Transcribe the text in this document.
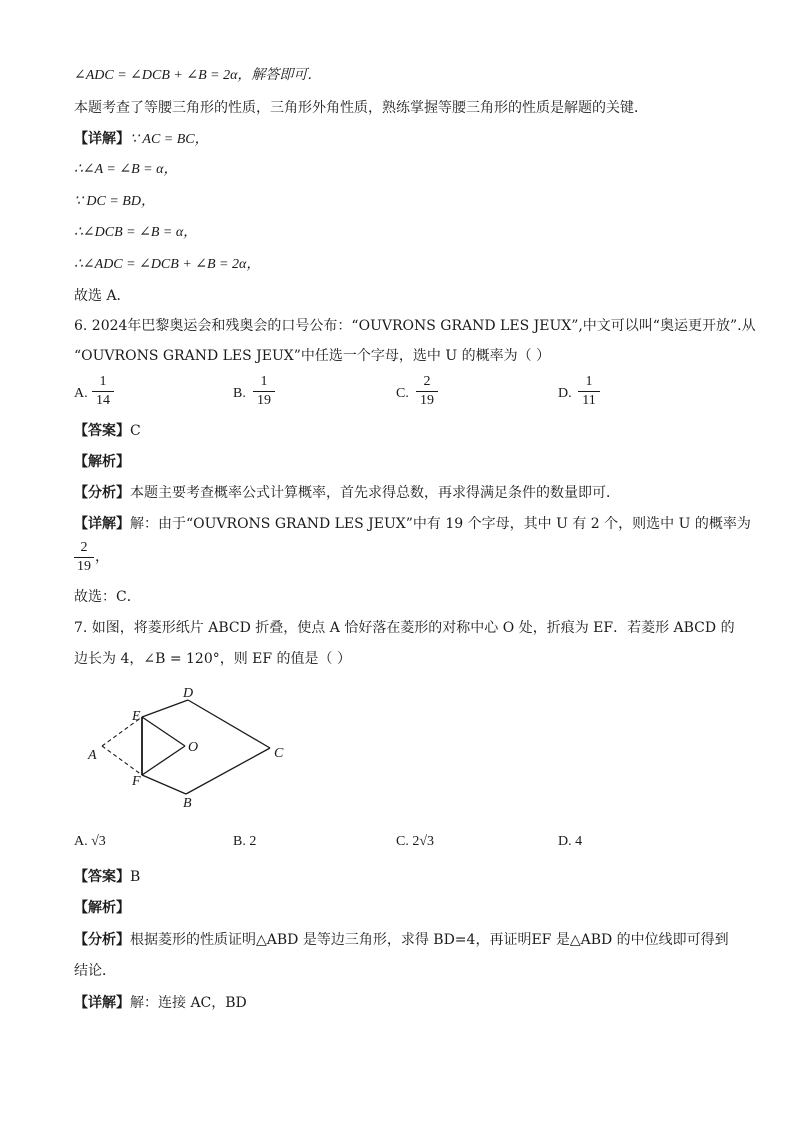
∠ADC = ∠DCB + ∠B = 2α，解答即可．
本题考查了等腰三角形的性质，三角形外角性质，熟练掌握等腰三角形的性质是解题的关键．
【详解】∵ AC = BC，
∴∠A = ∠B = α，
∵ DC = BD，
∴∠DCB = ∠B = α，
∴∠ADC = ∠DCB + ∠B = 2α，
故选 A．
6. 2024年巴黎奥运会和残奥会的口号公布：“OUVRONS GRAND LES JEUX”,中文可以叫“奥运更开放”.从
“OUVRONS GRAND LES JEUX”中任选一个字母，选中 U 的概率为（ ）
A.
1
14	B.
1
19	C.
2
19	D.
1
11
【答案】C
【解析】
【分析】本题主要考查概率公式计算概率，首先求得总数，再求得满足条件的数量即可．
【详解】解：由于“OUVRONS GRAND LES JEUX”中有 19 个字母，其中 U 有 2 个，则选中 U 的概率为
2
19
，
故选：C．
7. 如图，将菱形纸片 ABCD 折叠，使点 A 恰好落在菱形的对称中心 O 处，折痕为 EF．若菱形 ABCD 的
边长为 4，∠B = 120°，则 EF 的值是（ ）
D
E
O
A	C
F
B
A. √3	B. 2	C. 2√3	D. 4
【答案】B
【解析】
【分析】根据菱形的性质证明△ABD 是等边三角形，求得 BD=4，再证明EF 是△ABD 的中位线即可得到
结论．
【详解】解：连接 AC，BD
